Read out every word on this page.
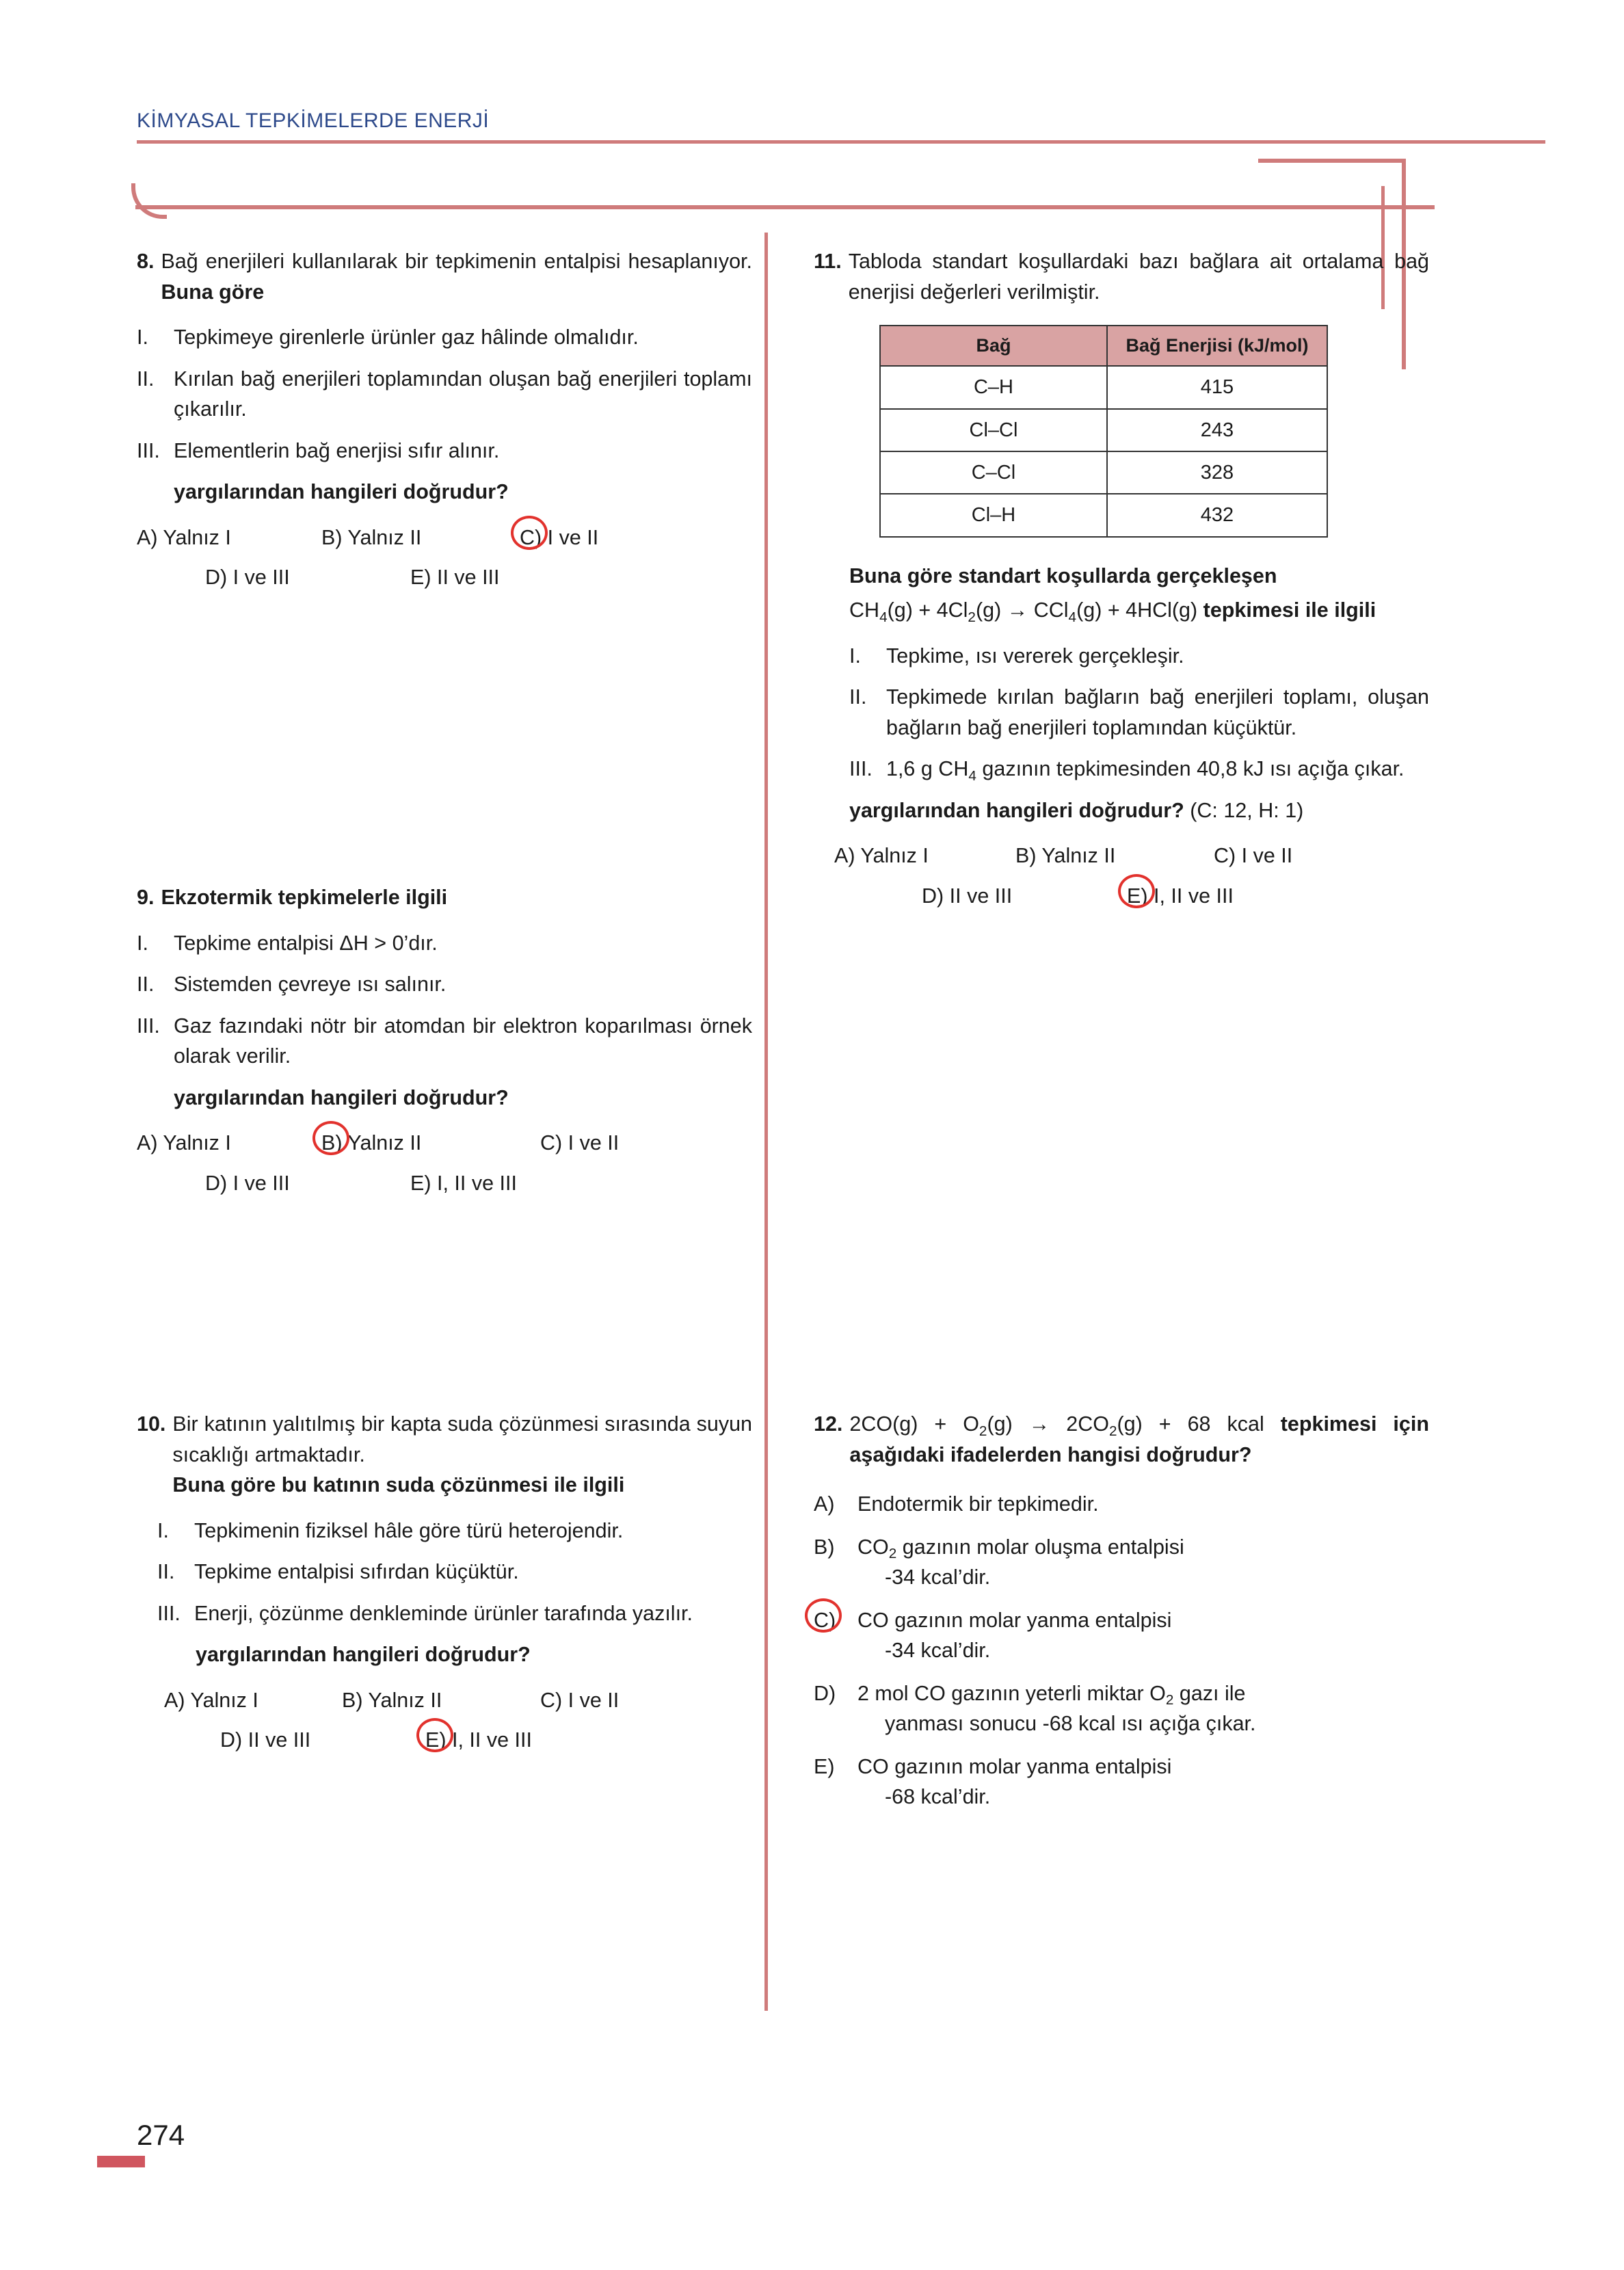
KİMYASAL TEPKİMELERDE ENERJİ
8. Bağ enerjileri kullanılarak bir tepkimenin entalpisi hesaplanıyor. Buna göre
I.	Tepkimeye girenlerle ürünler gaz hâlinde olmalıdır.
II. Kırılan bağ enerjileri toplamından oluşan bağ enerjileri toplamı çıkarılır.
III. Elementlerin bağ enerjisi sıfır alınır.
yargılarından hangileri doğrudur?
A) Yalnız I	B) Yalnız II	C) I ve II
D) I ve III	E) II ve III
9. Ekzotermik tepkimelerle ilgili
I.	Tepkime entalpisi ΔH > 0’dır.
II. Sistemden çevreye ısı salınır.
III. Gaz fazındaki nötr bir atomdan bir elektron koparılması örnek olarak verilir.
yargılarından hangileri doğrudur?
A) Yalnız I	B) Yalnız II	C) I ve II
D) I ve III	E) I, II ve III
10. Bir katının yalıtılmış bir kapta suda çözünmesi sırasında suyun sıcaklığı artmaktadır.
Buna göre bu katının suda çözünmesi ile ilgili
I.	Tepkimenin fiziksel hâle göre türü heterojendir.
II. Tepkime entalpisi sıfırdan küçüktür.
III. Enerji, çözünme denkleminde ürünler tarafında yazılır.
yargılarından hangileri doğrudur?
A) Yalnız I	B) Yalnız II	C) I ve II
D) II ve III	E) I, II ve III
11. Tabloda standart koşullardaki bazı bağlara ait ortalama bağ enerjisi değerleri verilmiştir.
Bağ	Bağ Enerjisi (kJ/mol)
C–H	415
Cl–Cl	243
C–Cl	328
Cl–H	432
Buna göre standart koşullarda gerçekleşen
$CH_4(g) + 4Cl_2(g) \to CCl_4(g) + 4HCl(g)$ tepkimesi ile ilgili
I.	Tepkime, ısı vererek gerçekleşir.
II. Tepkimede kırılan bağların bağ enerjileri toplamı, oluşan bağların bağ enerjileri toplamından küçüktür.
III. 1,6 g $CH_4$ gazının tepkimesinden 40,8 kJ ısı açığa çıkar.
yargılarından hangileri doğrudur? (C: 12, H: 1)
A) Yalnız I	B) Yalnız II	C) I ve II
D) II ve III	E) I, II ve III
12. $2CO(g) + O_2(g) \to 2CO_2(g) + 68$ kcal tepkimesi için aşağıdaki ifadelerden hangisi doğrudur?
A)	Endotermik bir tepkimedir.
B)	$CO_2$ gazının molar oluşma entalpisi
-34 kcal’dir.
C)	CO gazının molar yanma entalpisi
-34 kcal’dir.
D)	2 mol CO gazının yeterli miktar $O_2$ gazı ile
yanması sonucu -68 kcal ısı açığa çıkar.
E)	CO gazının molar yanma entalpisi
-68 kcal’dir.
274
